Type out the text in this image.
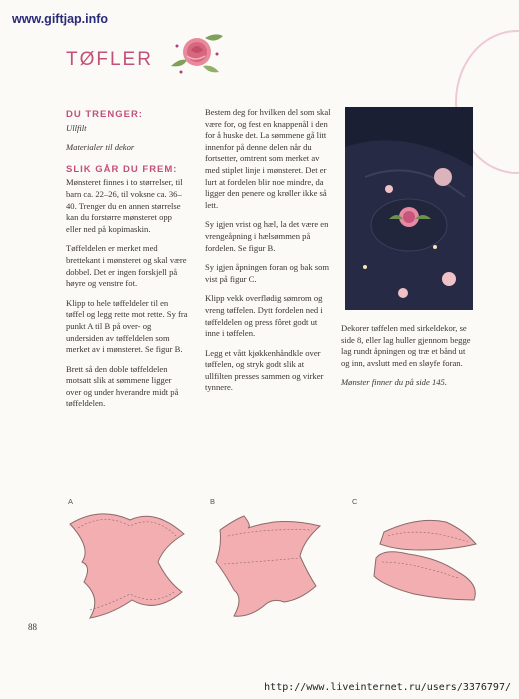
www.giftjap.info
TØFLER
DU TRENGER:

Ullfilt

Materialer til dekor

SLIK GÅR DU FREM:

Mønsteret finnes i to størrelser, til barn ca. 22–26, til voksne ca. 36–40. Trenger du en annen størrelse kan du forstørre mønsteret opp eller ned på kopimaskin.

Tøffeldelen er merket med brettekant i mønsteret og skal være dobbel. Det er ingen forskjell på høyre og venstre fot.

Klipp to hele tøffeldeler til en tøffel og legg rette mot rette. Sy fra punkt A til B på over- og undersiden av tøffeldelen som merket av i mønsteret. Se figur B.

Brett så den doble tøffeldelen motsatt slik at sømmene ligger over og under hverandre midt på tøffeldelen.

Bestem deg for hvilken del som skal være for, og fest en knappenål i den for å huske det. La sømmene gå litt innenfor på denne delen når du fortsetter, omtrent som merket av med stiplet linje i mønsteret. Det er lurt at fordelen blir noe mindre, da ligger den penere og krøller ikke så lett.

Sy igjen vrist og hæl, la det være en vrengeåpning i hælsømmen på fordelen. Se figur B.

Sy igjen åpningen foran og bak som vist på figur C.

Klipp vekk overflødig sømrom og vreng tøffelen. Dytt fordelen ned i tøffeldelen og press fôret godt ut inne i tøffelen.

Legg et vått kjøkkenhåndkle over tøffelen, og stryk godt slik at ullfilten presses sammen og virker tynnere.

Dekorer tøffelen med sirkeldekor, se side 8, eller lag huller gjennom begge lag rundt åpningen og træ et bånd ut og inn, avslutt med en sløyfe foran.

Mønster finner du på side 145.

A	B	C
88
http://www.liveinternet.ru/users/3376797/
